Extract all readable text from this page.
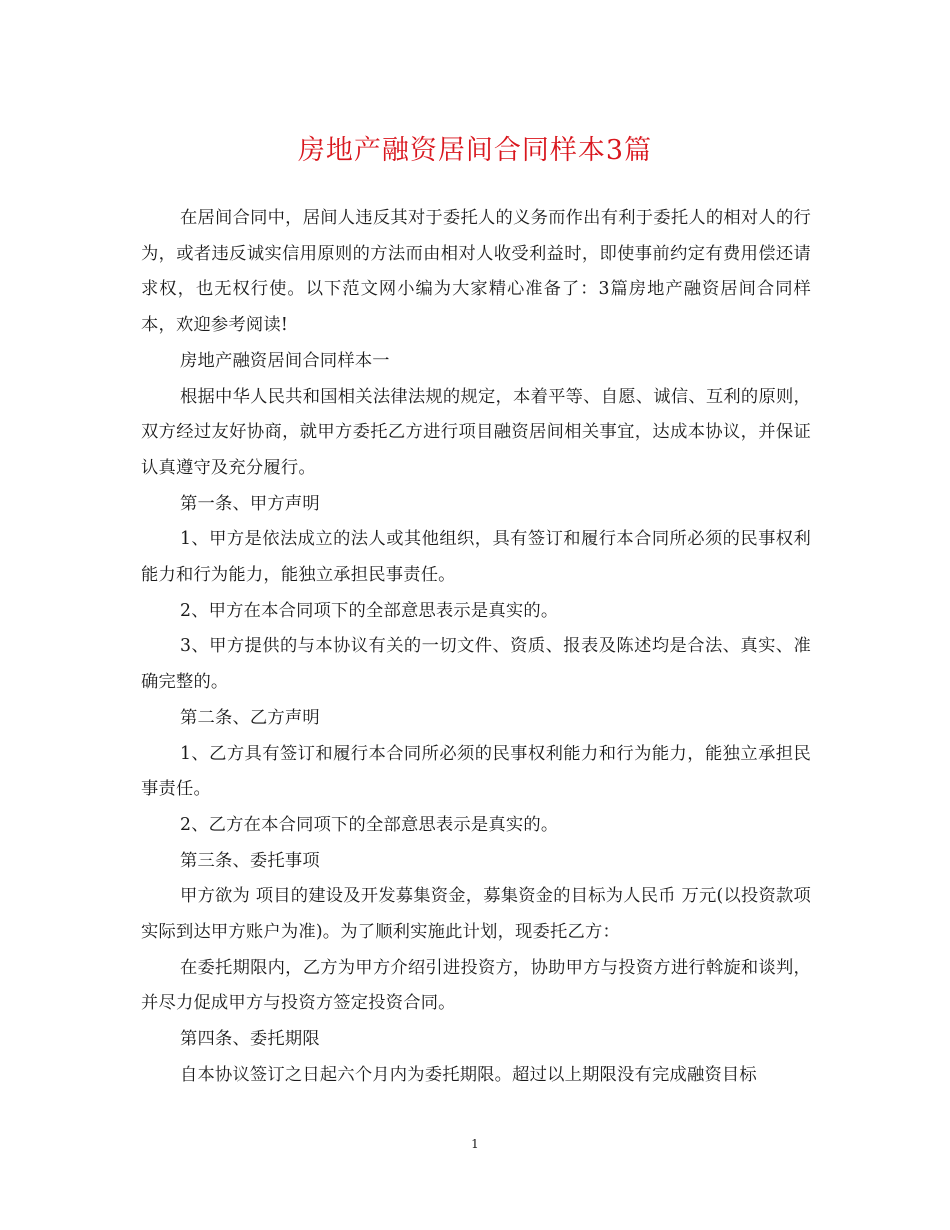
房地产融资居间合同样本3篇

在居间合同中，居间人违反其对于委托人的义务而作出有利于委托人的相对人的行为，或者违反诚实信用原则的方法而由相对人收受利益时，即使事前约定有费用偿还请求权，也无权行使。以下范文网小编为大家精心准备了：3篇房地产融资居间合同样本，欢迎参考阅读!

房地产融资居间合同样本一

根据中华人民共和国相关法律法规的规定，本着平等、自愿、诚信、互利的原则，双方经过友好协商，就甲方委托乙方进行项目融资居间相关事宜，达成本协议，并保证认真遵守及充分履行。

第一条、甲方声明

1、甲方是依法成立的法人或其他组织，具有签订和履行本合同所必须的民事权利能力和行为能力，能独立承担民事责任。

2、甲方在本合同项下的全部意思表示是真实的。

3、甲方提供的与本协议有关的一切文件、资质、报表及陈述均是合法、真实、准确完整的。

第二条、乙方声明

1、乙方具有签订和履行本合同所必须的民事权利能力和行为能力，能独立承担民事责任。

2、乙方在本合同项下的全部意思表示是真实的。

第三条、委托事项

甲方欲为 项目的建设及开发募集资金，募集资金的目标为人民币 万元(以投资款项实际到达甲方账户为准)。为了顺利实施此计划，现委托乙方：

在委托期限内，乙方为甲方介绍引进投资方，协助甲方与投资方进行斡旋和谈判，并尽力促成甲方与投资方签定投资合同。

第四条、委托期限

自本协议签订之日起六个月内为委托期限。超过以上期限没有完成融资目标

1
